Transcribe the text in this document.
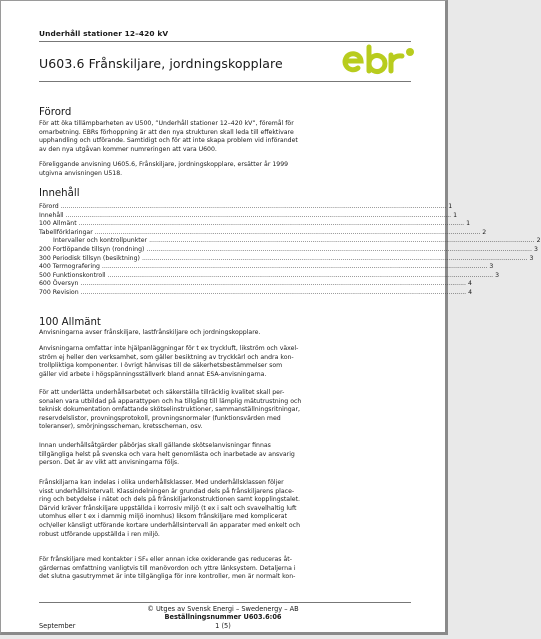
Underhåll stationer 12–420 kV
U603.6 Frånskiljare, jordningskopplare
Förord
För att öka tillämpbarheten av U500, ”Underhåll stationer 12–420 kV”, föremål för
omarbetning. EBRs förhoppning är att den nya strukturen skall leda till effektivare
upphandling och utförande. Samtidigt och för att inte skapa problem vid införandet
av den nya utgåvan kommer numreringen att vara U600.
Föreliggande anvisning U605.6, Frånskiljare, jordningskopplare, ersätter år 1999
utgivna anvisningen U518.
Innehåll
Förord .................................................................................................................................................................................................... 1
Innehåll .................................................................................................................................................................................................... 1
100 Allmänt .................................................................................................................................................................................................... 1
Tabellförklaringar .................................................................................................................................................................................................... 2
Intervaller och kontrollpunkter .................................................................................................................................................................................................... 2
200 Fortlöpande tillsyn (rondning) .................................................................................................................................................................................................... 3
300 Periodisk tillsyn (besiktning) .................................................................................................................................................................................................... 3
400 Termografering .................................................................................................................................................................................................... 3
500 Funktionskontroll .................................................................................................................................................................................................... 3
600 Översyn .................................................................................................................................................................................................... 4
700 Revision .................................................................................................................................................................................................... 4
100 Allmänt
Anvisningarna avser frånskiljare, lastfrånskiljare och jordningskopplare.
Anvisningarna omfattar inte hjälpanläggningar för t ex tryckluft, likström och växel-
ström ej heller den verksamhet, som gäller besiktning av tryckkärl och andra kon-
trollpliktiga komponenter. I övrigt hänvisas till de säkerhetsbestämmelser som
gäller vid arbete i högspänningsställverk bland annat ESA-anvisningarna.
För att underlätta underhållsarbetet och säkerställa tillräcklig kvalitet skall per-
sonalen vara utbildad på apparattypen och ha tillgång till lämplig mätutrustning och
teknisk dokumentation omfattande skötselinstruktioner, sammanställningsritningar,
reservdelslistor, provningsprotokoll, provningsnormaler (funktionsvärden med
toleranser), smörjningsscheman, kretsscheman, osv.
Innan underhållsåtgärder påbörjas skall gällande skötselanvisningar finnas
tillgängliga helst på svenska och vara helt genomlästa och inarbetade av ansvarig
person. Det är av vikt att anvisningarna följs.
Frånskiljarna kan indelas i olika underhållsklasser. Med underhållsklassen följer
visst underhållsintervall. Klassindelningen är grundad dels på frånskiljarens place-
ring och betydelse i nätet och dels på frånskiljarkonstruktionen samt kopplingstalet.
Därvid kräver frånskiljare uppställda i korrosiv miljö (t ex i salt och svavelhaltig luft
utomhus eller t ex i dammig miljö inomhus) liksom frånskiljare med komplicerat
och/eller känsligt utförande kortare underhållsintervall än apparater med enkelt och
robust utförande uppställda i ren miljö.
För frånskiljare med kontakter i SF₆ eller annan icke oxiderande gas reduceras åt-
gärdernas omfattning vanligtvis till manövordon och yttre länksystem. Detaljerna i
det slutna gasutrymmet är inte tillgängliga för inre kontroller, men är normalt kon-
© Utges av Svensk Energi – Swedenergy – AB
Beställningsnummer U603.6:06
September	1 (5)
